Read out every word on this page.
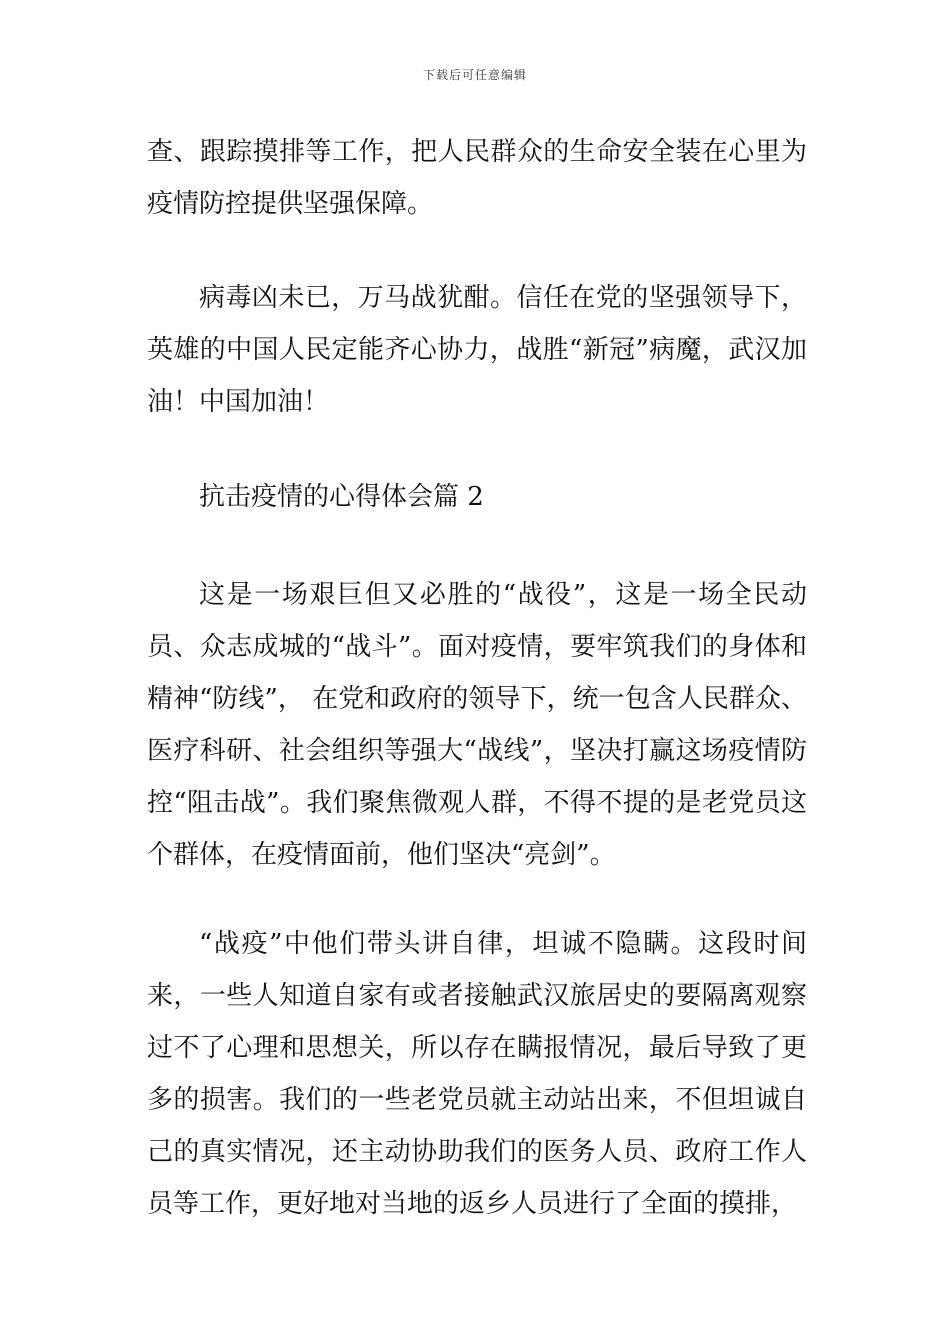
下载后可任意编辑

查、跟踪摸排等工作，把人民群众的生命安全装在心里为疫情防控提供坚强保障。

病毒凶未已，万马战犹酣。信任在党的坚强领导下，英雄的中国人民定能齐心协力，战胜“新冠”病魔，武汉加油！中国加油！

抗击疫情的心得体会篇 2

这是一场艰巨但又必胜的“战役”，这是一场全民动员、众志成城的“战斗”。面对疫情，要牢筑我们的身体和精神“防线”， 在党和政府的领导下，统一包含人民群众、医疗科研、社会组织等强大“战线”，坚决打赢这场疫情防控“阻击战”。我们聚焦微观人群，不得不提的是老党员这个群体，在疫情面前，他们坚决“亮剑”。

“战疫”中他们带头讲自律，坦诚不隐瞒。这段时间来，一些人知道自家有或者接触武汉旅居史的要隔离观察过不了心理和思想关，所以存在瞒报情况，最后导致了更多的损害。我们的一些老党员就主动站出来，不但坦诚自己的真实情况，还主动协助我们的医务人员、政府工作人员等工作，更好地对当地的返乡人员进行了全面的摸排，
